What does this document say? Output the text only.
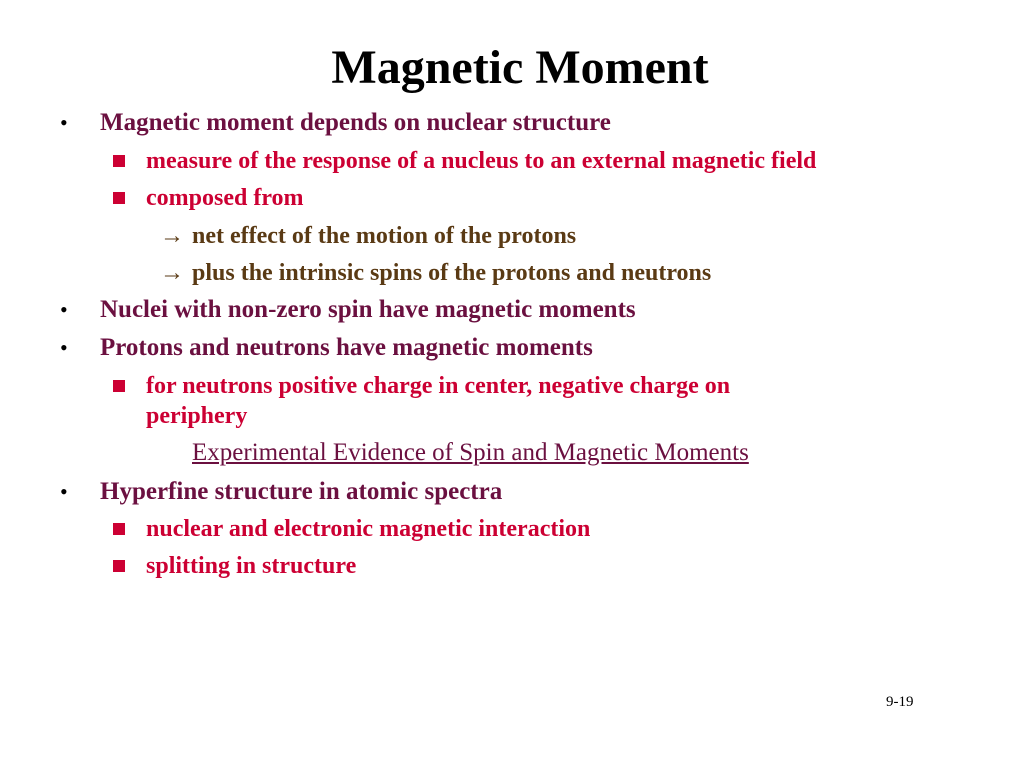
Magnetic Moment
• Magnetic moment depends on nuclear structure
measure of the response of a nucleus to an external magnetic field
composed from
→ net effect of the motion of the protons
→ plus the intrinsic spins of the protons and neutrons
• Nuclei with non-zero spin have magnetic moments
• Protons and neutrons have magnetic moments
for neutrons positive charge in center, negative charge on
periphery
Experimental Evidence of Spin and Magnetic Moments
• Hyperfine structure in atomic spectra
nuclear and electronic magnetic interaction
splitting in structure
9-19
